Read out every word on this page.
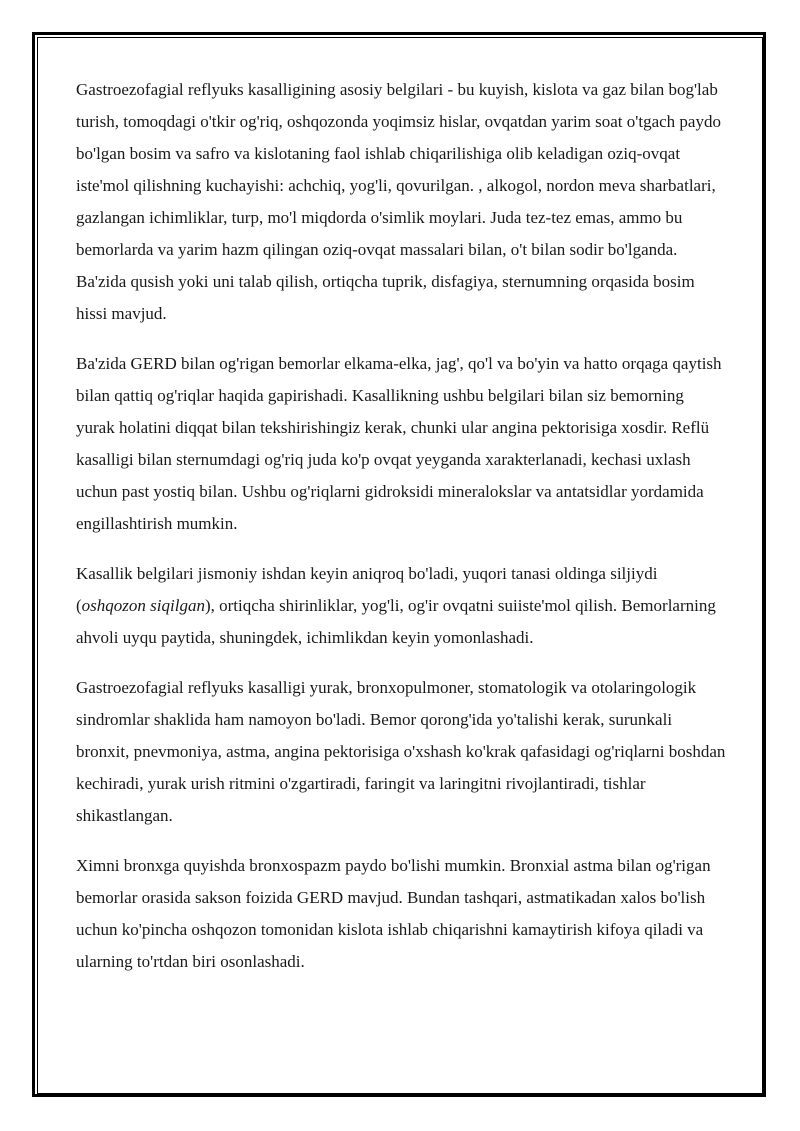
Gastroezofagial reflyuks kasalligining asosiy belgilari - bu kuyish, kislota va gaz bilan bog'lab turish, tomoqdagi o'tkir og'riq, oshqozonda yoqimsiz hislar, ovqatdan yarim soat o'tgach paydo bo'lgan bosim va safro va kislotaning faol ishlab chiqarilishiga olib keladigan oziq-ovqat iste'mol qilishning kuchayishi: achchiq, yog'li, qovurilgan. , alkogol, nordon meva sharbatlari, gazlangan ichimliklar, turp, mo'l miqdorda o'simlik moylari. Juda tez-tez emas, ammo bu bemorlarda va yarim hazm qilingan oziq-ovqat massalari bilan, o't bilan sodir bo'lganda. Ba'zida qusish yoki uni talab qilish, ortiqcha tuprik, disfagiya, sternumning orqasida bosim hissi mavjud.

Ba'zida GERD bilan og'rigan bemorlar elkama-elka, jag', qo'l va bo'yin va hatto orqaga qaytish bilan qattiq og'riqlar haqida gapirishadi. Kasallikning ushbu belgilari bilan siz bemorning yurak holatini diqqat bilan tekshirishingiz kerak, chunki ular angina pektorisiga xosdir. Reflü kasalligi bilan sternumdagi og'riq juda ko'p ovqat yeyganda xarakterlanadi, kechasi uxlash uchun past yostiq bilan. Ushbu og'riqlarni gidroksidi mineralokslar va antatsidlar yordamida engillashtirish mumkin.

Kasallik belgilari jismoniy ishdan keyin aniqroq bo'ladi, yuqori tanasi oldinga siljiydi (oshqozon siqilgan), ortiqcha shirinliklar, yog'li, og'ir ovqatni suiiste'mol qilish. Bemorlarning ahvoli uyqu paytida, shuningdek, ichimlikdan keyin yomonlashadi.

Gastroezofagial reflyuks kasalligi yurak, bronxopulmoner, stomatologik va otolaringologik sindromlar shaklida ham namoyon bo'ladi. Bemor qorong'ida yo'talishi kerak, surunkali bronxit, pnevmoniya, astma, angina pektorisiga o'xshash ko'krak qafasidagi og'riqlarni boshdan kechiradi, yurak urish ritmini o'zgartiradi, faringit va laringitni rivojlantiradi, tishlar shikastlangan.

Ximni bronxga quyishda bronxospazm paydo bo'lishi mumkin. Bronxial astma bilan og'rigan bemorlar orasida sakson foizida GERD mavjud. Bundan tashqari, astmatikadan xalos bo'lish uchun ko'pincha oshqozon tomonidan kislota ishlab chiqarishni kamaytirish kifoya qiladi va ularning to'rtdan biri osonlashadi.
